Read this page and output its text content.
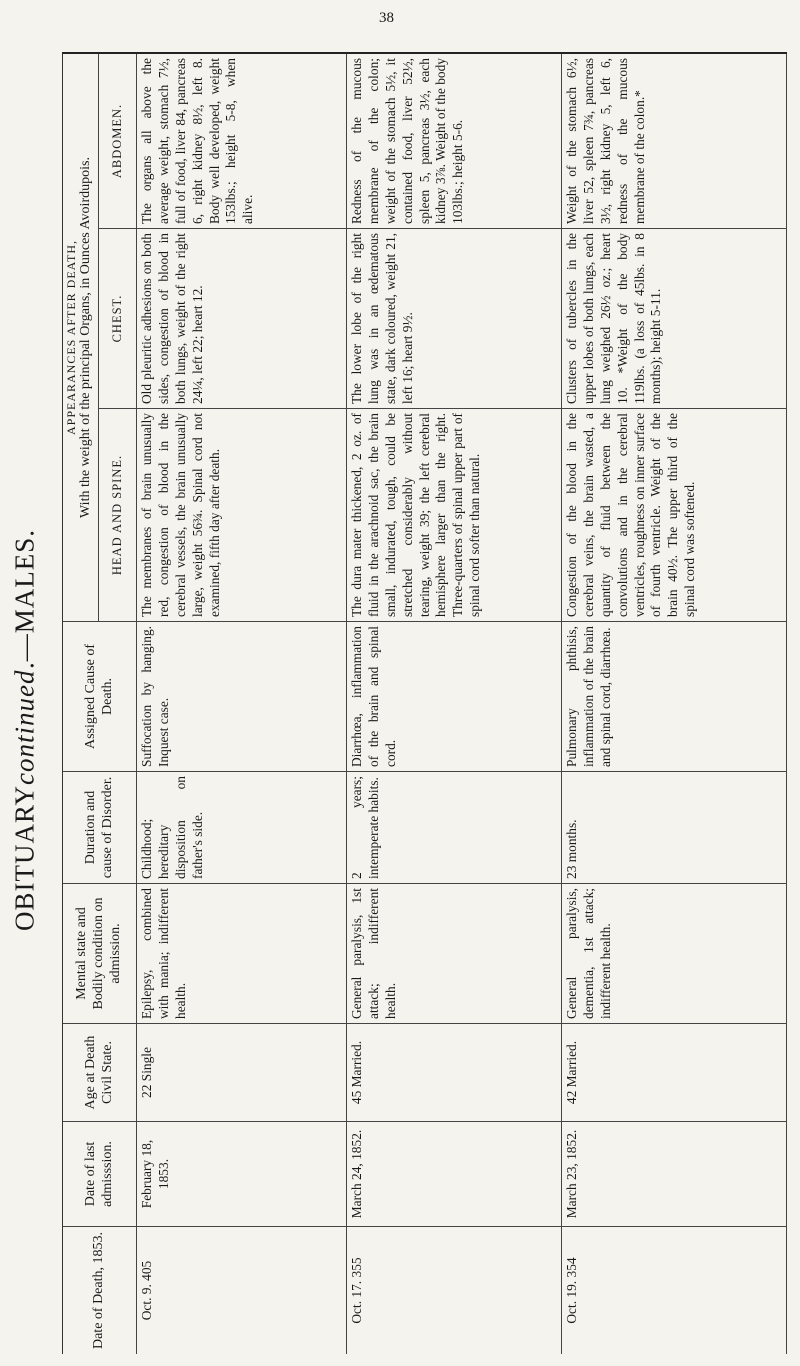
38
OBITUARY
continued
.—MALES.
Date of Death, 1853.
Date of last admisssion.
Age at Death Civil State.
Mental state and Bodily condition on admission.
Duration and cause of Disorder.
Assigned Cause of Death.
APPEARANCES AFTER DEATH, With the weight of the principal Organs, in Ounces Avoirdupois.	HEAD AND SPINE.
CHEST.
ABDOMEN.
Oct. 9. 405
February 18, 1853.
22 Single
Epilepsy, combined with mania; indifferent health.
Childhood; hereditary disposition on father's side.
Suffocation by hanging. Inquest case.
The membranes of brain unusually red, congestion of blood in the cerebral vessels, the brain unusually large, weight 56¾. Spinal cord not examined, fifth day after death.
Old pleuritic adhesions on both sides, congestion of blood in both lungs, weight of the right 24¼, left 22; heart 12.
The organs all above the average weight, stomach 7½, full of food, liver 84, pancreas 6, right kidney 8½, left 8. Body well developed, weight 153lbs.; height 5-8, when alive.
Oct. 17. 355
March 24, 1852.
45 Married.
General paralysis, 1st attack; indifferent health.
2 years; intemperate habits.
Diarrhœa, inflammation of the brain and spinal cord.
The dura mater thickened, 2 oz. of fluid in the arachnoid sac, the brain small, indurated, tough, could be stretched considerably without tearing, weight 39; the left cerebral hemisphere larger than the right. Three-quarters of spinal upper part of spinal cord softer than natural.
The lower lobe of the right lung was in an œdematous state, dark coloured, weight 21, left 16; heart 9½.
Redness of the mucous membrane of the colon; weight of the stomach 5½, it contained food, liver 52½, spleen 5, pancreas 3½, each kidney 3⅞. Weight of the body 103lbs.; height 5-6.
Oct. 19. 354
March 23, 1852.
42 Married.
General paralysis, dementia, 1st attack; indifferent health.
23 months.
Pulmonary phthisis, inflammation of the brain and spinal cord, diarrhœa.
Congestion of the blood in the cerebral veins, the brain wasted, a quantity of fluid between the convolutions and in the cerebral ventricles, roughness on inner surface of fourth ventricle. Weight of the brain 40½. The upper third of the spinal cord was softened.
Clusters of tubercles in the upper lobes of both lungs, each lung weighed 26½ oz.; heart 10. *Weight of the body 119lbs. (a loss of 45lbs. in 8 months); height 5-11.
Weight of the stomach 6½, liver 52, spleen 7¾, pancreas 3½, right kidney 5, left 6, redness of the mucous membrane of the colon.*
